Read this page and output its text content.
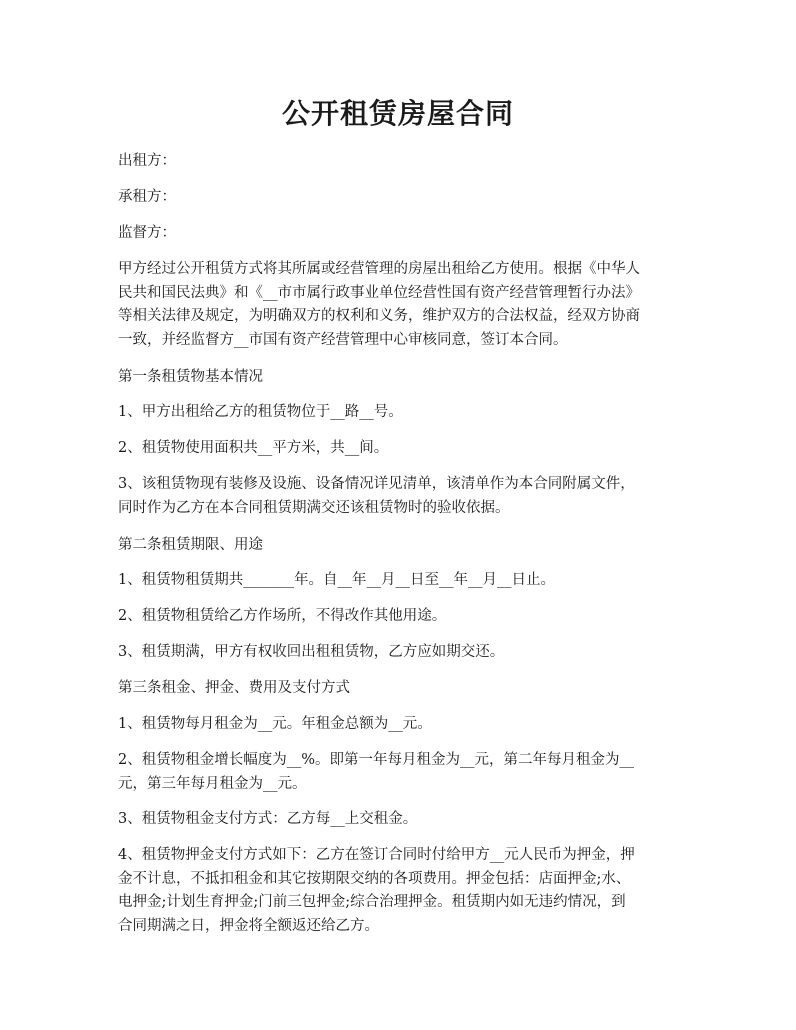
公开租赁房屋合同

出租方：

承租方：

监督方：

甲方经过公开租赁方式将其所属或经营管理的房屋出租给乙方使用。根据《中华人
民共和国民法典》和《__市市属行政事业单位经营性国有资产经营管理暂行办法》
等相关法律及规定，为明确双方的权利和义务，维护双方的合法权益，经双方协商
一致，并经监督方__市国有资产经营管理中心审核同意，签订本合同。

第一条租赁物基本情况

1、甲方出租给乙方的租赁物位于__路__号。

2、租赁物使用面积共__平方米，共__间。

3、该租赁物现有装修及设施、设备情况详见清单，该清单作为本合同附属文件，
同时作为乙方在本合同租赁期满交还该租赁物时的验收依据。

第二条租赁期限、用途

1、租赁物租赁期共_______年。自__年__月__日至__年__月__日止。

2、租赁物租赁给乙方作场所，不得改作其他用途。

3、租赁期满，甲方有权收回出租租赁物，乙方应如期交还。

第三条租金、押金、费用及支付方式

1、租赁物每月租金为__元。年租金总额为__元。

2、租赁物租金增长幅度为__%。即第一年每月租金为__元，第二年每月租金为__
元，第三年每月租金为__元。

3、租赁物租金支付方式：乙方每__上交租金。

4、租赁物押金支付方式如下：乙方在签订合同时付给甲方__元人民币为押金，押
金不计息，不抵扣租金和其它按期限交纳的各项费用。押金包括：店面押金;水、
电押金;计划生育押金;门前三包押金;综合治理押金。租赁期内如无违约情况，到
合同期满之日，押金将全额返还给乙方。
